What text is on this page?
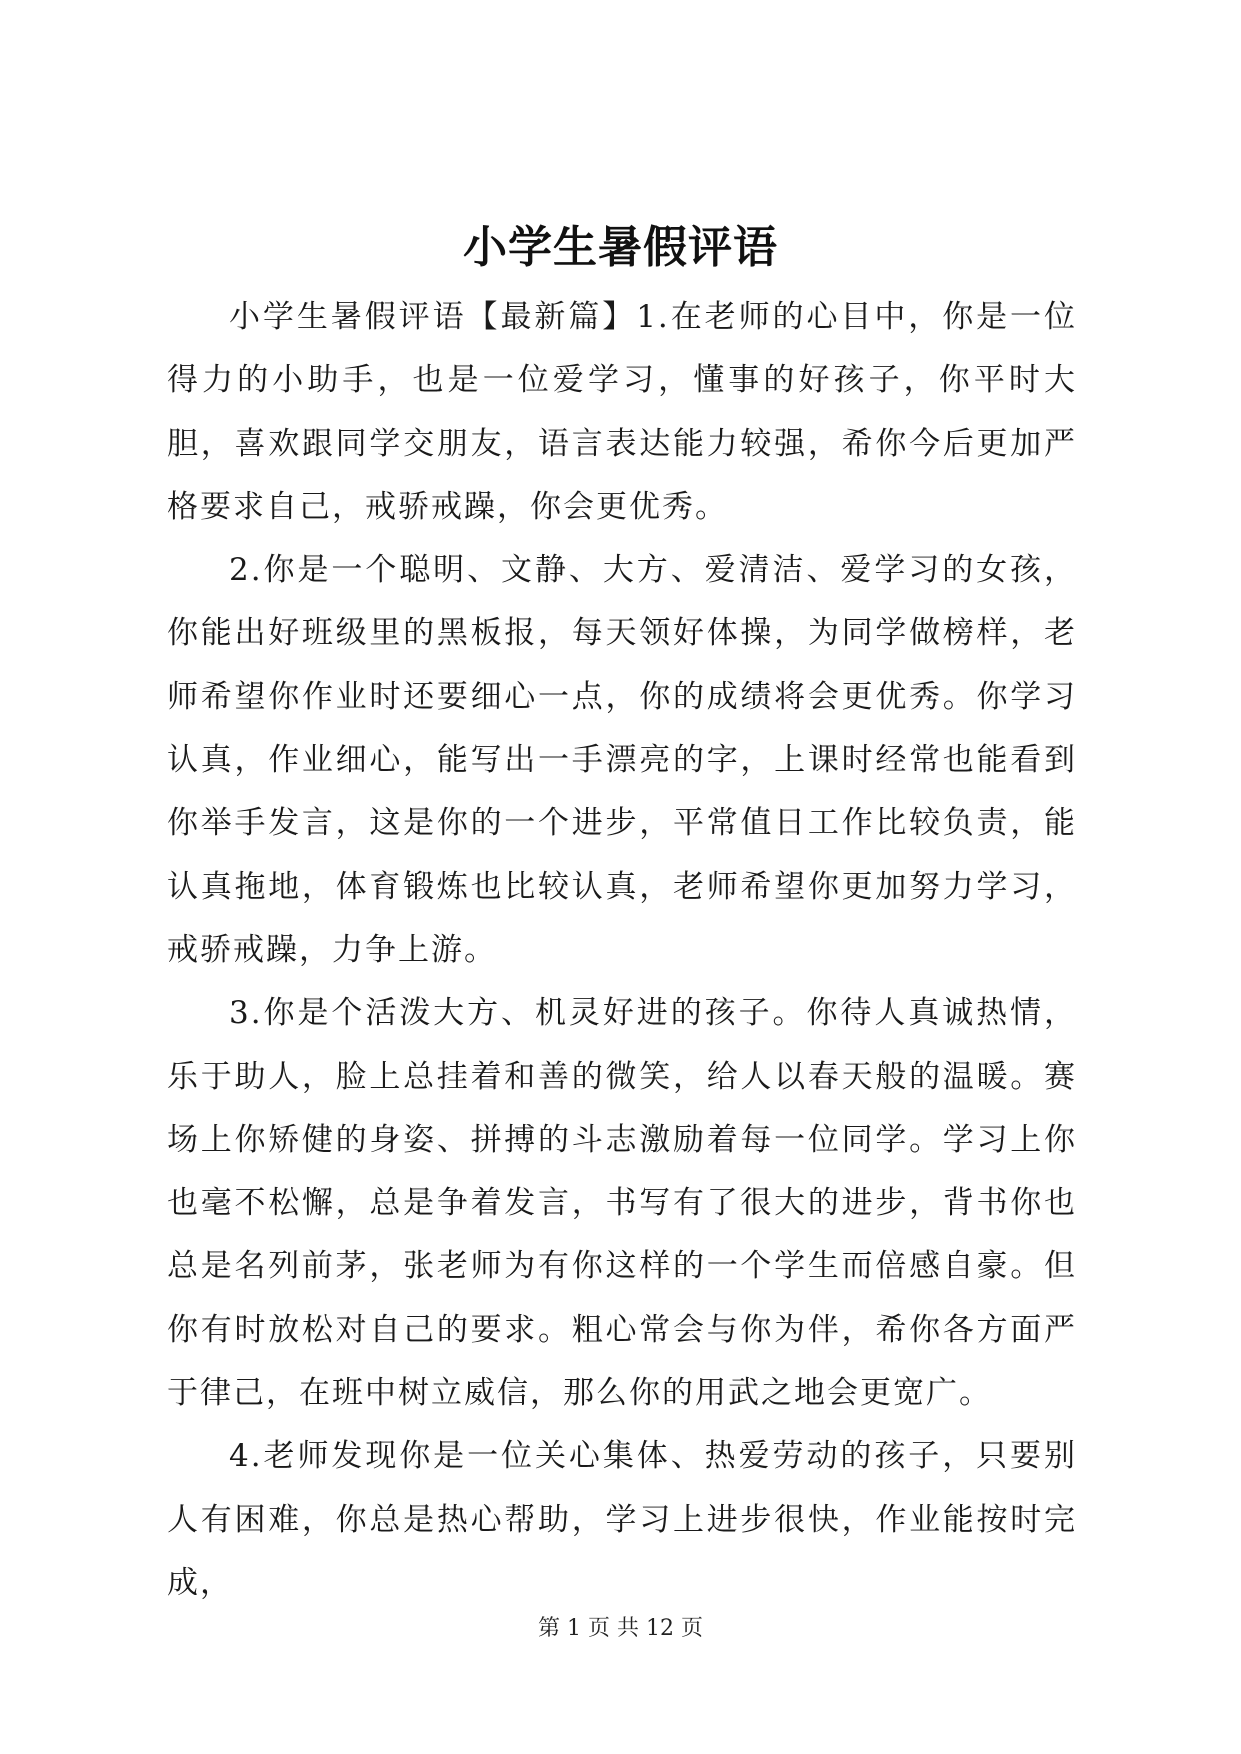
小学生暑假评语

小学生暑假评语【最新篇】1.在老师的心目中，你是一位得力的小助手，也是一位爱学习，懂事的好孩子，你平时大胆，喜欢跟同学交朋友，语言表达能力较强，希你今后更加严格要求自己，戒骄戒躁，你会更优秀。

2.你是一个聪明、文静、大方、爱清洁、爱学习的女孩，你能出好班级里的黑板报，每天领好体操，为同学做榜样，老师希望你作业时还要细心一点，你的成绩将会更优秀。你学习认真，作业细心，能写出一手漂亮的字，上课时经常也能看到你举手发言，这是你的一个进步，平常值日工作比较负责，能认真拖地，体育锻炼也比较认真，老师希望你更加努力学习，戒骄戒躁，力争上游。

3.你是个活泼大方、机灵好进的孩子。你待人真诚热情，乐于助人，脸上总挂着和善的微笑，给人以春天般的温暖。赛场上你矫健的身姿、拼搏的斗志激励着每一位同学。学习上你也毫不松懈，总是争着发言，书写有了很大的进步，背书你也总是名列前茅，张老师为有你这样的一个学生而倍感自豪。但你有时放松对自己的要求。粗心常会与你为伴，希你各方面严于律己，在班中树立威信，那么你的用武之地会更宽广。

4.老师发现你是一位关心集体、热爱劳动的孩子，只要别人有困难，你总是热心帮助，学习上进步很快，作业能按时完成，

第 1 页 共 12 页
